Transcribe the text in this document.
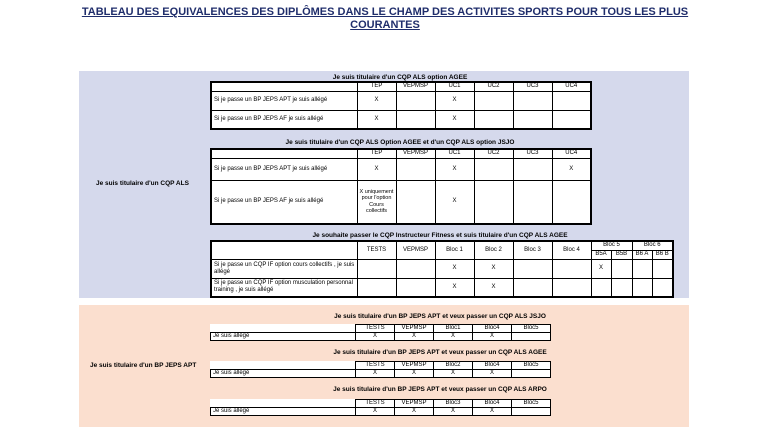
TABLEAU DES EQUIVALENCES DES DIPLÔMES DANS LE CHAMP DES ACTIVITES SPORTS POUR TOUS LES PLUS
COURANTES
Je suis titulaire d'un CQP ALS
Je suis titulaire d'un CQP ALS option AGEE
	TEP	VEPMSP	UC1	UC2	UC3	UC4
Si je passe un BP JEPS APT je suis allégé	X		X			
Si je passe un BP JEPS AF je suis allégé	X		X			
Je suis titulaire d'un CQP ALS Option AGEE et d'un CQP ALS option JSJO
	TEP	VEPMSP	UC1	UC2	UC3	UC4
Si je passe un BP JEPS APT je suis allégé	X		X			X
Si je passe un BP JEPS AF je suis allégé	X uniquement pour l'option Cours collectifs		X			
Je souhaite passer le CQP Instructeur Fitness et suis titulaire d'un CQP ALS AGEE
	TESTS	VEPMSP	Bloc 1	Bloc 2	Bloc 3	Bloc 4	Bloc 5		Bloc 6	
							B5A	B5B	B6 A	B6 B
Si je passe un CQP IF option cours collectifs , je suis allégé			X	X			X			
Si je passe un CQP IF option musculation personnal training , je suis allégé			X	X						
Je suis titulaire d'un BP JEPS APT
Je suis titulaire d'un BP JEPS APT et veux passer un CQP ALS JSJO
	TESTS	VEPMSP	Bloc1	Bloc4	Bloc5
Je suis allégé	X	X	X	X	
Je suis titulaire d'un BP JEPS APT et veux passer un CQP ALS AGEE
	TESTS	VEPMSP	Bloc2	Bloc4	Bloc5
Je suis allégé	X	X	X	X	
Je suis titulaire d'un BP JEPS APT et veux passer un CQP ALS ARPO
	TESTS	VEPMSP	Bloc3	Bloc4	Bloc5
Je suis allégé	X	X	X	X	
